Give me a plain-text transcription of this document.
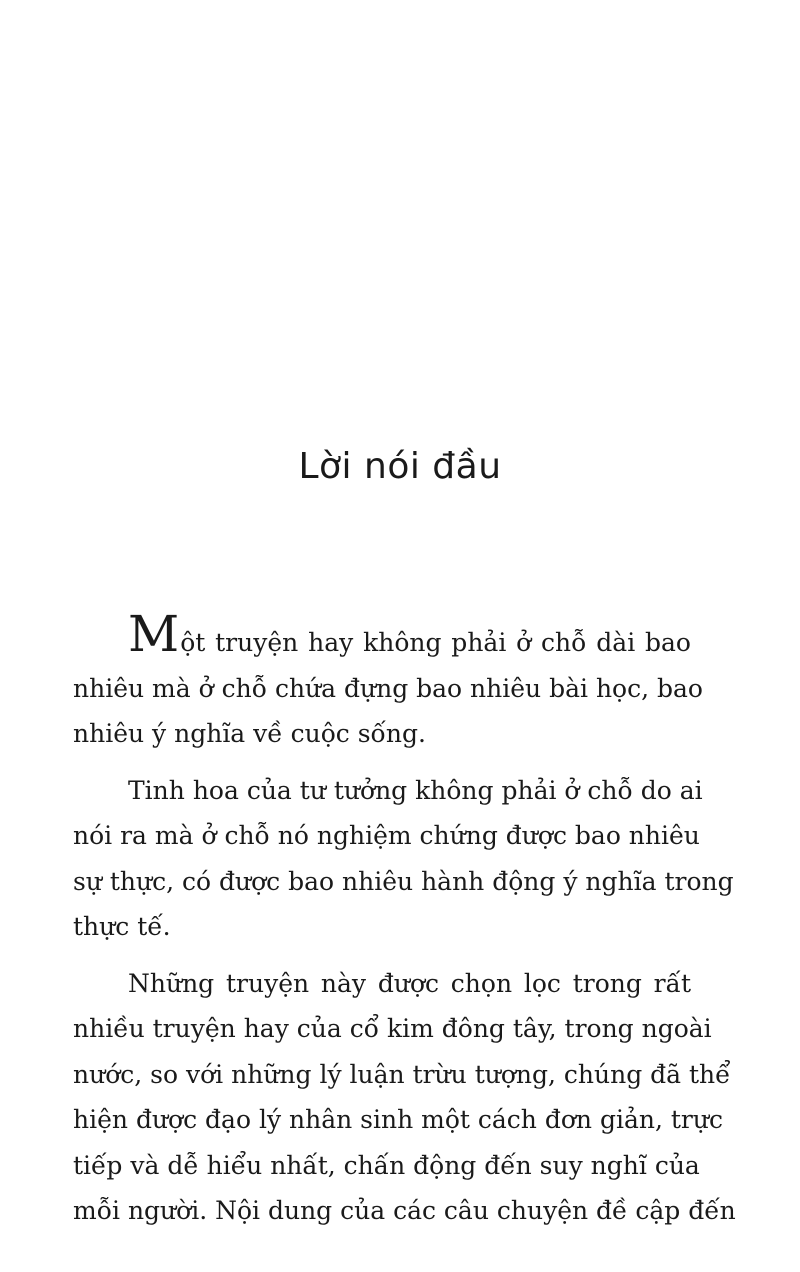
Lời nói đầu
Một truyện hay không phải ở chỗ dài bao
nhiêu mà ở chỗ chứa đựng bao nhiêu bài học, bao
nhiêu ý nghĩa về cuộc sống.
Tinh hoa của tư tưởng không phải ở chỗ do ai
nói ra mà ở chỗ nó nghiệm chứng được bao nhiêu
sự thực, có được bao nhiêu hành động ý nghĩa trong
thực tế.
Những truyện này được chọn lọc trong rất
nhiều truyện hay của cổ kim đông tây, trong ngoài
nước, so với những lý luận trừu tượng, chúng đã thể
hiện được đạo lý nhân sinh một cách đơn giản, trực
tiếp và dễ hiểu nhất, chấn động đến suy nghĩ của
mỗi người. Nội dung của các câu chuyện đề cập đến
